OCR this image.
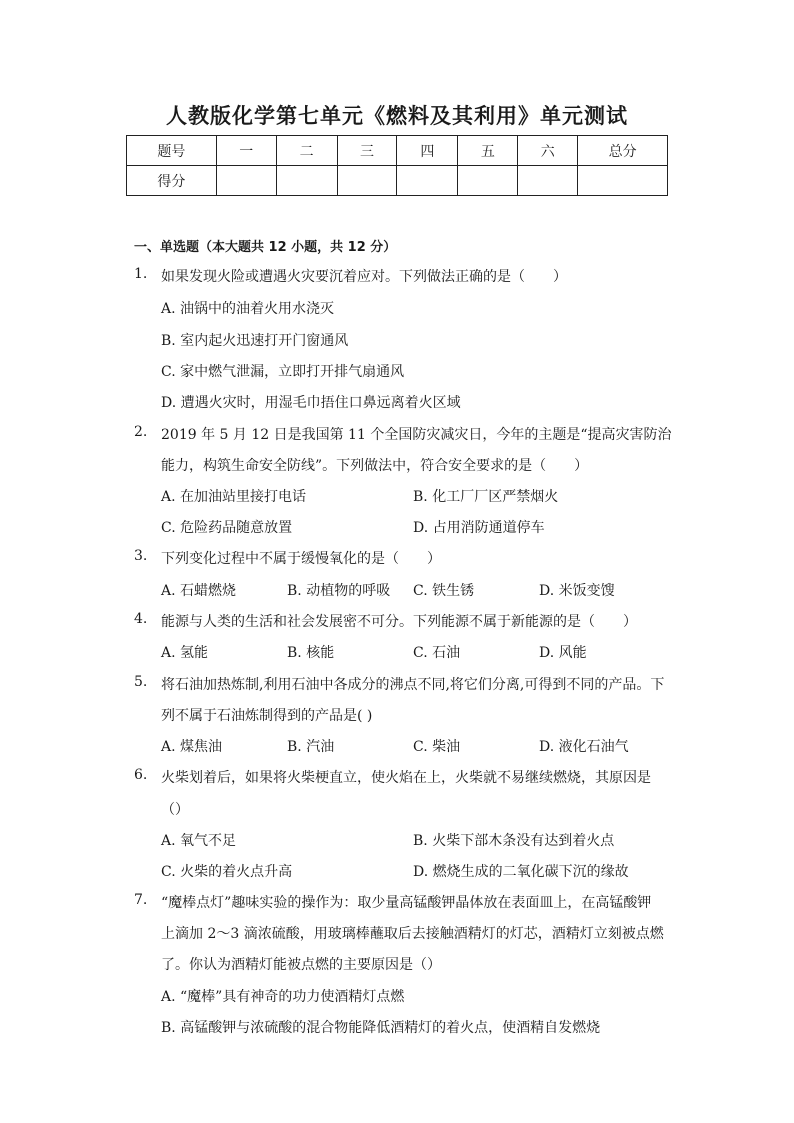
人教版化学第七单元《燃料及其利用》单元测试
题号	一	二	三	四	五	六	总分
得分							
一、单选题（本大题共 12 小题，共 12 分）
1. 如果发现火险或遭遇火灾要沉着应对。下列做法正确的是（　　）
A. 油锅中的油着火用水浇灭
B. 室内起火迅速打开门窗通风
C. 家中燃气泄漏，立即打开排气扇通风
D. 遭遇火灾时，用湿毛巾捂住口鼻远离着火区域
2. 2019 年 5 月 12 日是我国第 11 个全国防灾减灾日，今年的主题是“提高灾害防治
能力，构筑生命安全防线”。下列做法中，符合安全要求的是（　　）
A. 在加油站里接打电话	B. 化工厂厂区严禁烟火
C. 危险药品随意放置	D. 占用消防通道停车
3. 下列变化过程中不属于缓慢氧化的是（　　）
A. 石蜡燃烧	B. 动植物的呼吸 C. 铁生锈	D. 米饭变馊
4. 能源与人类的生活和社会发展密不可分。下列能源不属于新能源的是（　　）
A. 氢能	B. 核能	C. 石油	D. 风能
5. 将石油加热炼制,利用石油中各成分的沸点不同,将它们分离,可得到不同的产品。下
列不属于石油炼制得到的产品是( )
A. 煤焦油	B. 汽油	C. 柴油	D. 液化石油气
6. 火柴划着后，如果将火柴梗直立，使火焰在上，火柴就不易继续燃烧，其原因是
（）
A. 氧气不足	B. 火柴下部木条没有达到着火点
C. 火柴的着火点升高	D. 燃烧生成的二氧化碳下沉的缘故
7. “魔棒点灯”趣味实验的操作为：取少量高锰酸钾晶体放在表面皿上，在高锰酸钾
上滴加 2～3 滴浓硫酸，用玻璃棒蘸取后去接触酒精灯的灯芯，酒精灯立刻被点燃
了。你认为酒精灯能被点燃的主要原因是（）
A. “魔棒”具有神奇的功力使酒精灯点燃
B. 高锰酸钾与浓硫酸的混合物能降低酒精灯的着火点，使酒精自发燃烧
